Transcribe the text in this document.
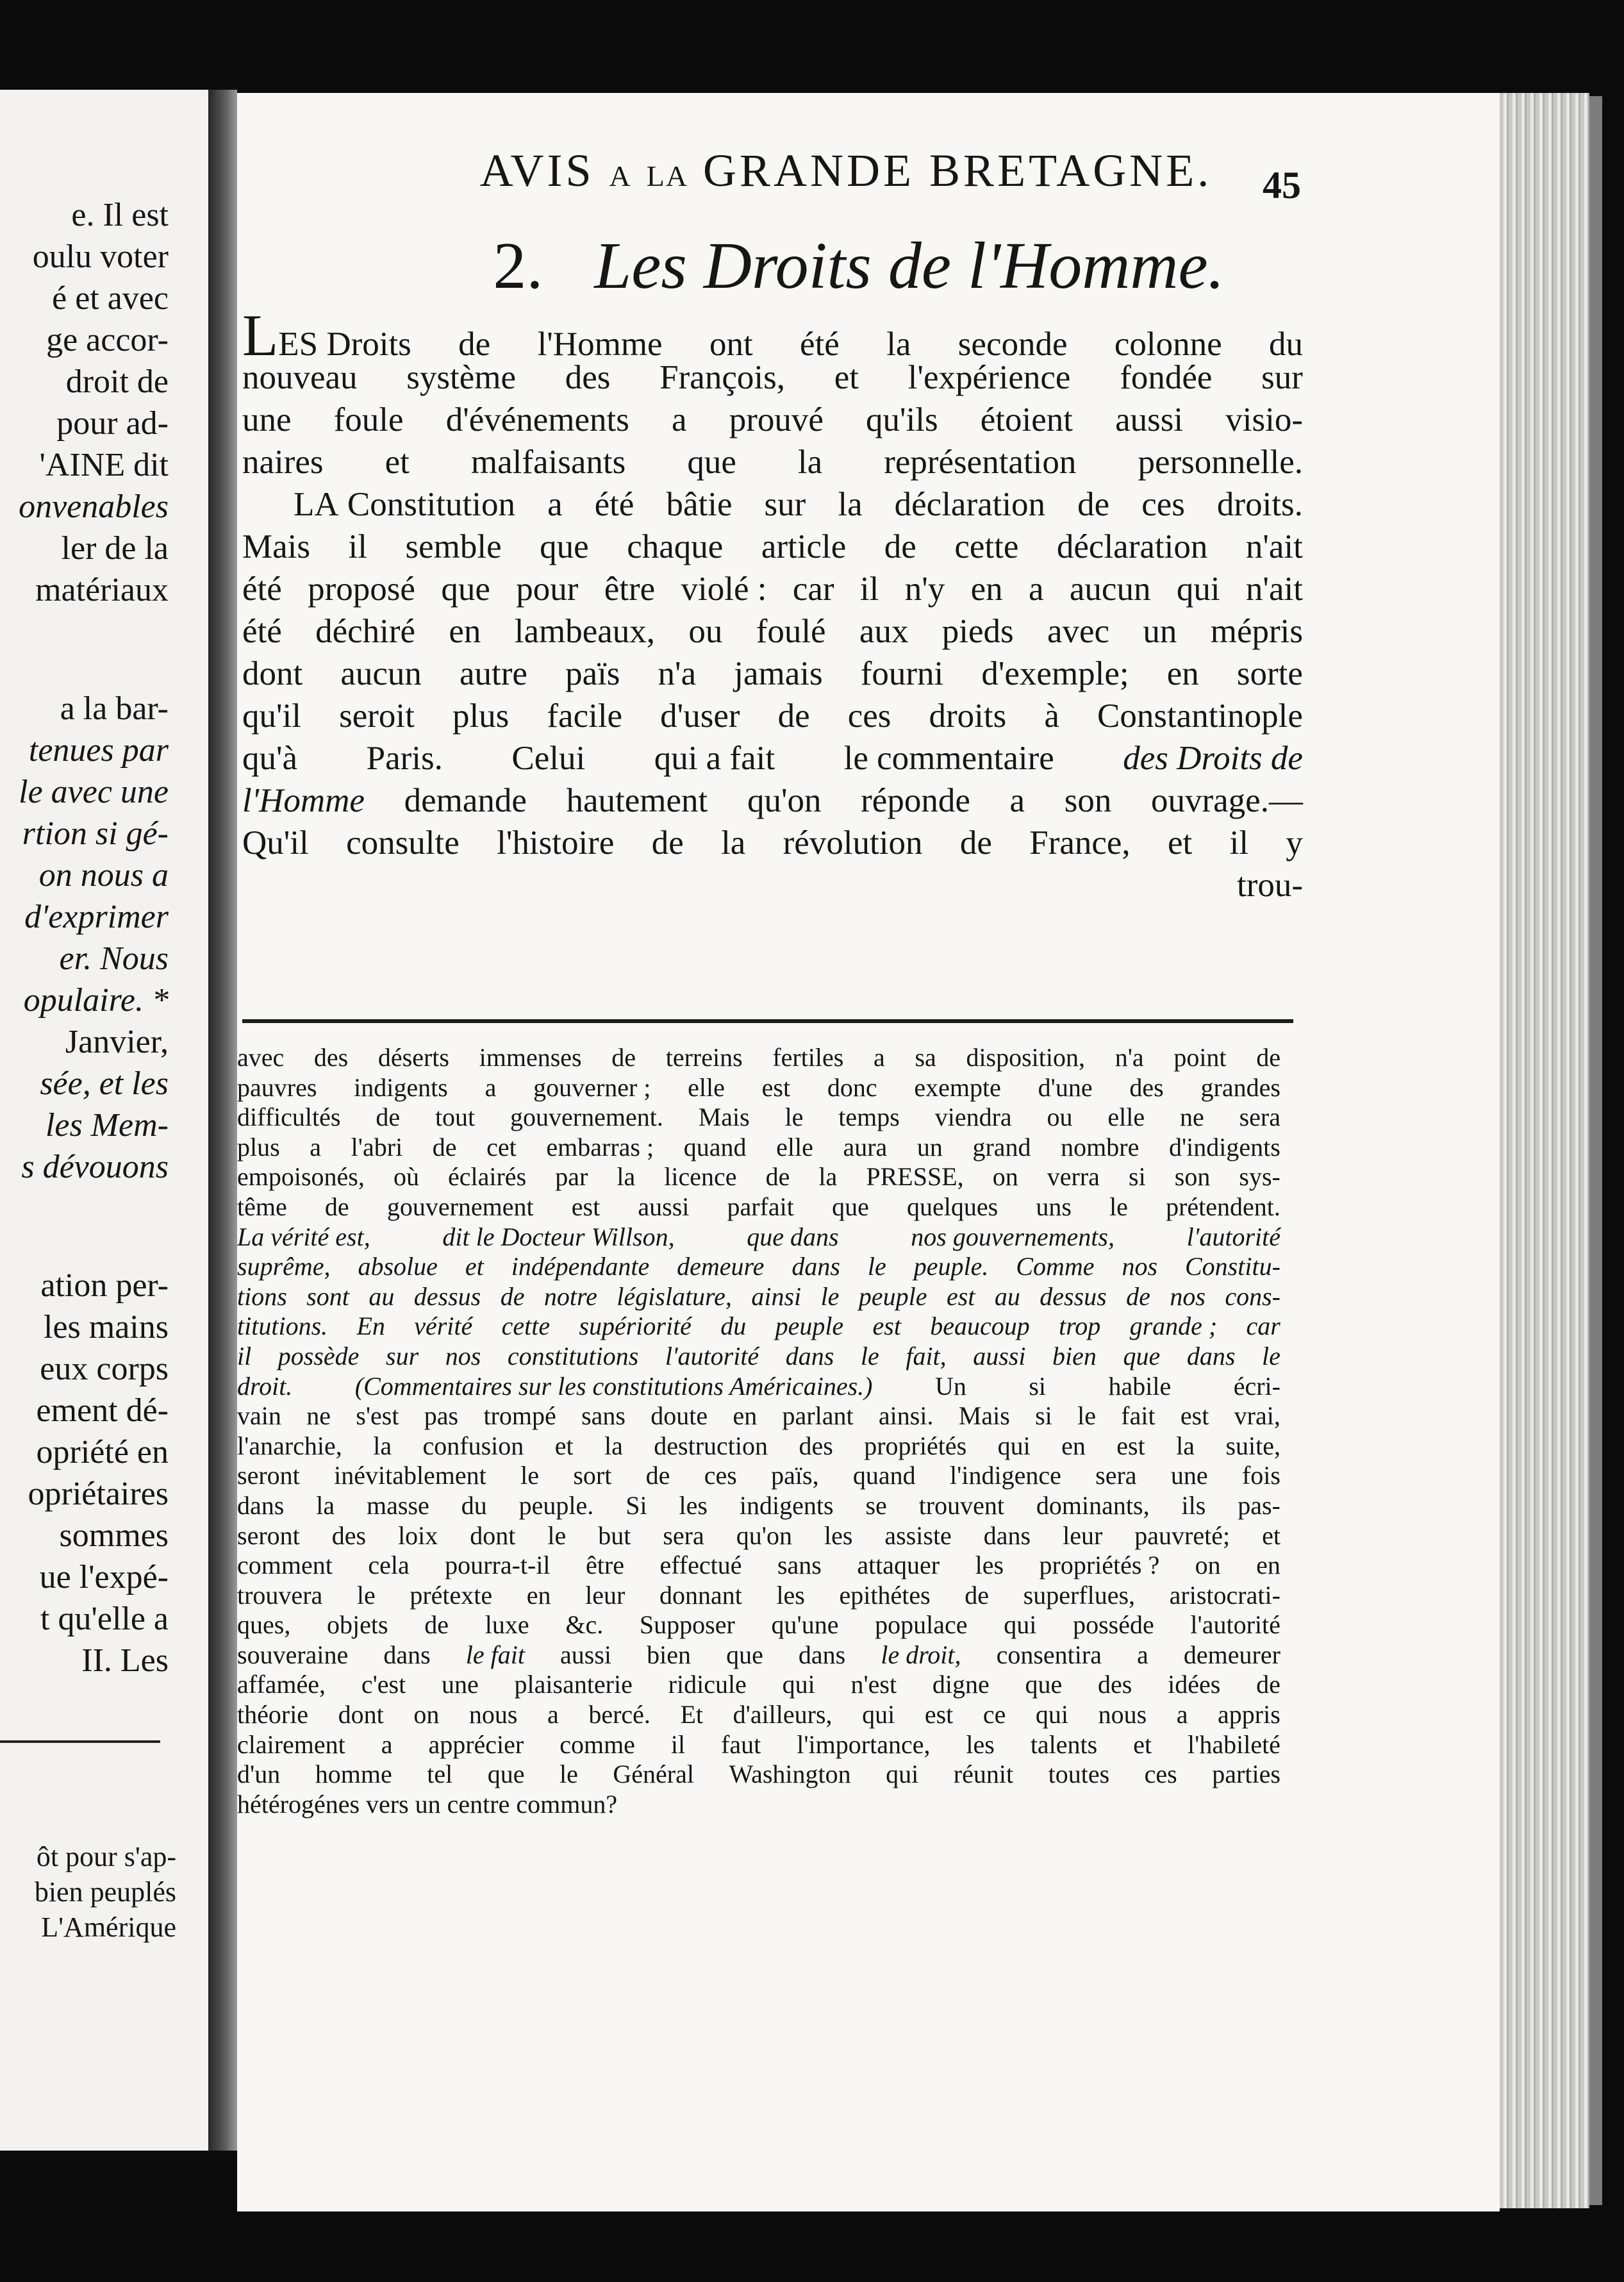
e. Il est
oulu voter
é et avec
ge accor-
droit de
pour ad-
'AINE dit
onvenables
ler de la
matériaux
a la bar-
tenues par
le avec une
rtion si gé-
on nous a
d'exprimer
er. Nous
opulaire. *
Janvier,
sée, et les
les Mem-
s dévouons
ation per-
les mains
eux corps
ement dé-
opriété en
opriétaires
sommes
ue l'expé-
t qu'elle a
II. Les
ôt pour s'ap-
bien peuplés
L'Amérique
AVIS A LA GRANDE BRETAGNE.	45
2. Les Droits de l'Homme.
LES Droits de l'Homme ont été la seconde colonne du
nouveau système des François, et l'expérience fondée sur
une foule d'événements a prouvé qu'ils étoient aussi visio-
naires et malfaisants que la représentation personnelle.
LA Constitution a été bâtie sur la déclaration de ces droits.
Mais il semble que chaque article de cette déclaration n'ait
été proposé que pour être violé : car il n'y en a aucun qui n'ait
été déchiré en lambeaux, ou foulé aux pieds avec un mépris
dont aucun autre païs n'a jamais fourni d'exemple; en sorte
qu'il seroit plus facile d'user de ces droits à Constantinople
qu'à Paris. Celui qui a fait le commentaire des Droits de
l'Homme demande hautement qu'on réponde a son ouvrage.—
Qu'il consulte l'histoire de la révolution de France, et il y
trou-
avec des déserts immenses de terreins fertiles a sa disposition, n'a point de
pauvres indigents a gouverner ; elle est donc exempte d'une des grandes
difficultés de tout gouvernement. Mais le temps viendra ou elle ne sera
plus a l'abri de cet embarras ; quand elle aura un grand nombre d'indigents
empoisonés, où éclairés par la licence de la PRESSE, on verra si son sys-
tême de gouvernement est aussi parfait que quelques uns le prétendent.
La vérité est,	dit le Docteur Willson,	que dans	nos gouvernements,	l'autorité
suprême, absolue et indépendante demeure dans le peuple. Comme nos Constitu-
tions sont au dessus de notre législature, ainsi le peuple est au dessus de nos cons-
titutions. En vérité cette supériorité du peuple est beaucoup trop grande ; car
il possède sur nos constitutions l'autorité dans le fait, aussi bien que dans le
droit. (Commentaires sur les constitutions Américaines.) Un si habile écri-
vain ne s'est pas trompé sans doute en parlant ainsi. Mais si le fait est vrai,
l'anarchie, la confusion et la destruction des propriétés qui en est la suite,
seront inévitablement le sort de ces païs, quand l'indigence sera une fois
dans la masse du peuple. Si les indigents se trouvent dominants, ils pas-
seront des loix dont le but sera qu'on les assiste dans leur pauvreté; et
comment cela pourra-t-il être effectué sans attaquer les propriétés ? on en
trouvera le prétexte en leur donnant les epithétes de superflues, aristocrati-
ques, objets de luxe &c. Supposer qu'une populace qui posséde l'autorité
souveraine dans le fait aussi bien que dans le droit, consentira a demeurer
affamée, c'est une plaisanterie ridicule qui n'est digne que des idées de
théorie dont on nous a bercé. Et d'ailleurs, qui est ce qui nous a appris
clairement a apprécier comme il faut l'importance, les talents et l'habileté
d'un homme tel que le Général Washington qui réunit toutes ces parties
hétérogénes vers un centre commun?
